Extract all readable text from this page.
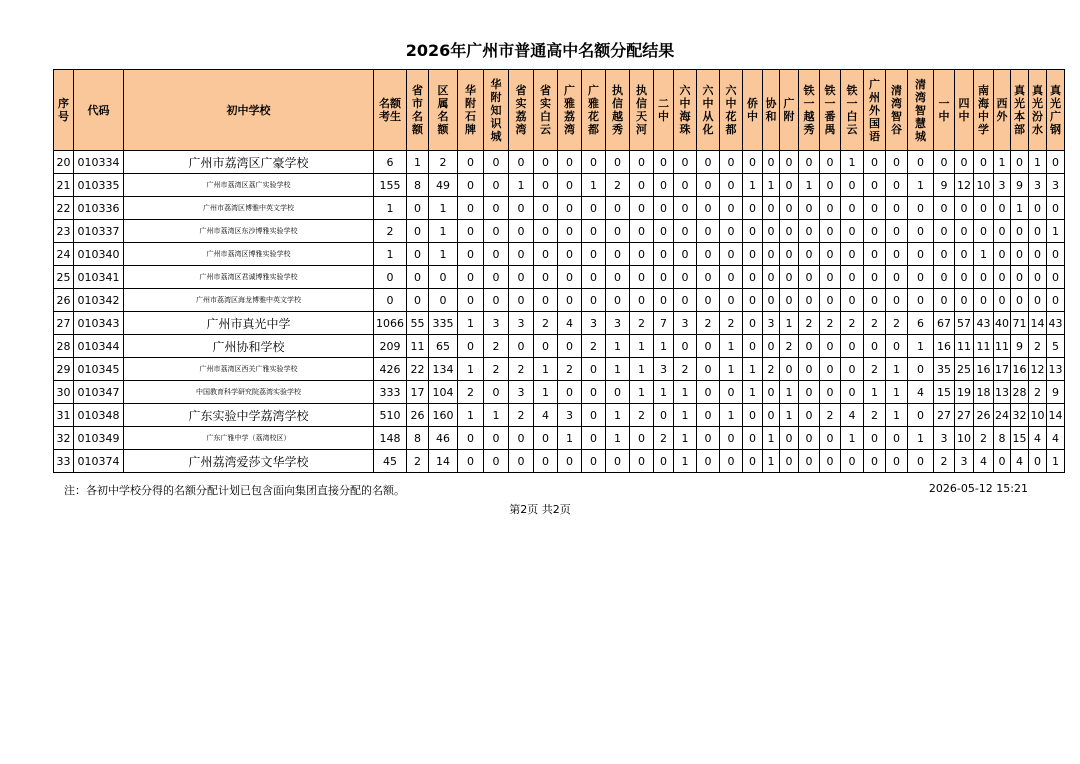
2026年广州市普通高中名额分配结果
序号	代码	初中学校	名额考生	省市名额	区属名额	华附石牌	华附知识城	省实荔湾	省实白云	广雅荔湾	广雅花都	执信越秀	执信天河	二中	六中海珠	六中从化	六中花都	侨中	协和	广附	铁一越秀	铁一番禺	铁一白云	广州外国语	清湾智谷	清湾智慧城	一中	四中	南海中学	西外	真光本部	真光汾水	真光广钢
20	010334	广州市荔湾区广豪学校	6	1	2	0	0	0	0	0	0	0	0	0	0	0	0	0	0	0	0	0	1	0	0	0	0	0	0	1	0	1	0
21	010335	广州市荔湾区荔广实验学校	155	8	49	0	0	1	0	0	1	2	0	0	0	0	0	1	1	0	1	0	0	0	0	1	9	12	10	3	9	3	3
22	010336	广州市荔湾区博雅中英文学校	1	0	1	0	0	0	0	0	0	0	0	0	0	0	0	0	0	0	0	0	0	0	0	0	0	0	0	0	1	0	0
23	010337	广州市荔湾区东沙博雅实验学校	2	0	1	0	0	0	0	0	0	0	0	0	0	0	0	0	0	0	0	0	0	0	0	0	0	0	0	0	0	0	1
24	010340	广州市荔湾区博雅实验学校	1	0	1	0	0	0	0	0	0	0	0	0	0	0	0	0	0	0	0	0	0	0	0	0	0	0	1	0	0	0	0
25	010341	广州市荔湾区君诚博雅实验学校	0	0	0	0	0	0	0	0	0	0	0	0	0	0	0	0	0	0	0	0	0	0	0	0	0	0	0	0	0	0	0
26	010342	广州市荔湾区海龙博雅中英文学校	0	0	0	0	0	0	0	0	0	0	0	0	0	0	0	0	0	0	0	0	0	0	0	0	0	0	0	0	0	0	0
27	010343	广州市真光中学	1066	55	335	1	3	3	2	4	3	3	2	7	3	2	2	0	3	1	2	2	2	2	2	6	67	57	43	40	71	14	43
28	010344	广州协和学校	209	11	65	0	2	0	0	0	2	1	1	1	0	0	1	0	0	2	0	0	0	0	0	1	16	11	11	11	9	2	5
29	010345	广州市荔湾区西关广雅实验学校	426	22	134	1	2	2	1	2	0	1	1	3	2	0	1	1	2	0	0	0	0	2	1	0	35	25	16	17	16	12	13
30	010347	中国教育科学研究院荔湾实验学校	333	17	104	2	0	3	1	0	0	0	1	1	1	0	0	1	0	1	0	0	0	1	1	4	15	19	18	13	28	2	9
31	010348	广东实验中学荔湾学校	510	26	160	1	1	2	4	3	0	1	2	0	1	0	1	0	0	1	0	2	4	2	1	0	27	27	26	24	32	10	14
32	010349	广东广雅中学（荔湾校区）	148	8	46	0	0	0	0	1	0	1	0	2	1	0	0	0	1	0	0	0	1	0	0	1	3	10	2	8	15	4	4
33	010374	广州荔湾爱莎文华学校	45	2	14	0	0	0	0	0	0	0	0	0	1	0	0	0	1	0	0	0	0	0	0	0	2	3	4	0	4	0	1
注：各初中学校分得的名额分配计划已包含面向集团直接分配的名额。	2026-05-12 15:21
第2页 共2页
